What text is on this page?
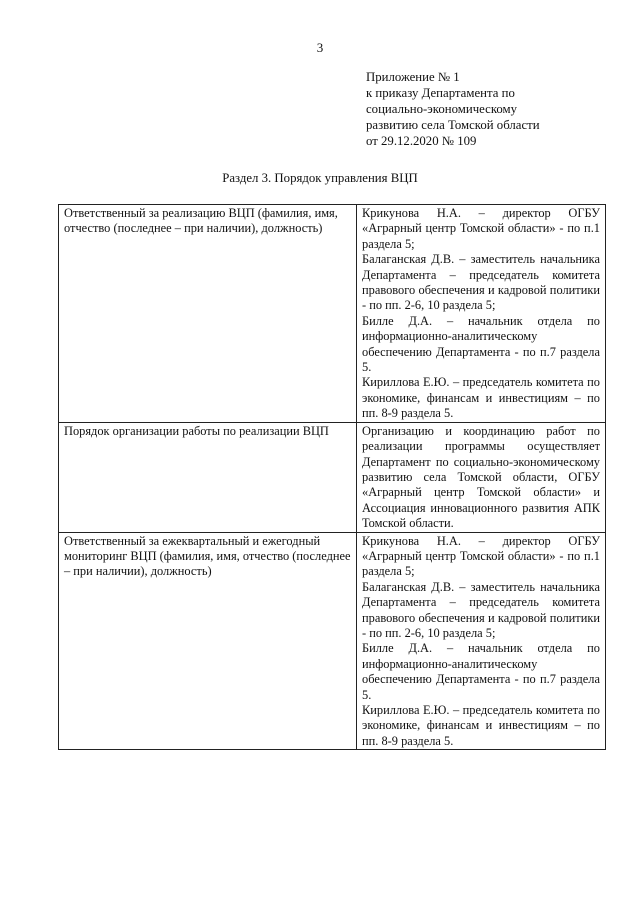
3
Приложение № 1
к приказу Департамента по
социально-экономическому
развитию села Томской области
от 29.12.2020 № 109
Раздел 3. Порядок управления ВЦП
Ответственный за реализацию ВЦП (фамилия, имя, отчество (последнее – при наличии), должность)	Крикунова Н.А. – директор ОГБУ «Аграрный центр Томской области» - по п.1 раздела 5;
Балаганская Д.В. – заместитель начальника Департамента – председатель комитета правового обеспечения и кадровой политики - по пп. 2-6, 10 раздела 5;
Билле Д.А. – начальник отдела по информационно-аналитическому обеспечению Департамента - по п.7 раздела 5.
Кириллова Е.Ю. – председатель комитета по экономике, финансам и инвестициям – по пп. 8-9 раздела 5.

Порядок организации работы по реализации ВЦП	Организацию и координацию работ по реализации программы осуществляет Департамент по социально-экономическому развитию села Томской области, ОГБУ «Аграрный центр Томской области» и Ассоциация инновационного развития АПК Томской области.

Ответственный за ежеквартальный и ежегодный мониторинг ВЦП (фамилия, имя, отчество (последнее – при наличии), должность)	Крикунова Н.А. – директор ОГБУ «Аграрный центр Томской области» - по п.1 раздела 5;
Балаганская Д.В. – заместитель начальника Департамента – председатель комитета правового обеспечения и кадровой политики - по пп. 2-6, 10 раздела 5;
Билле Д.А. – начальник отдела по информационно-аналитическому обеспечению Департамента - по п.7 раздела 5.
Кириллова Е.Ю. – председатель комитета по экономике, финансам и инвестициям – по пп. 8-9 раздела 5.
